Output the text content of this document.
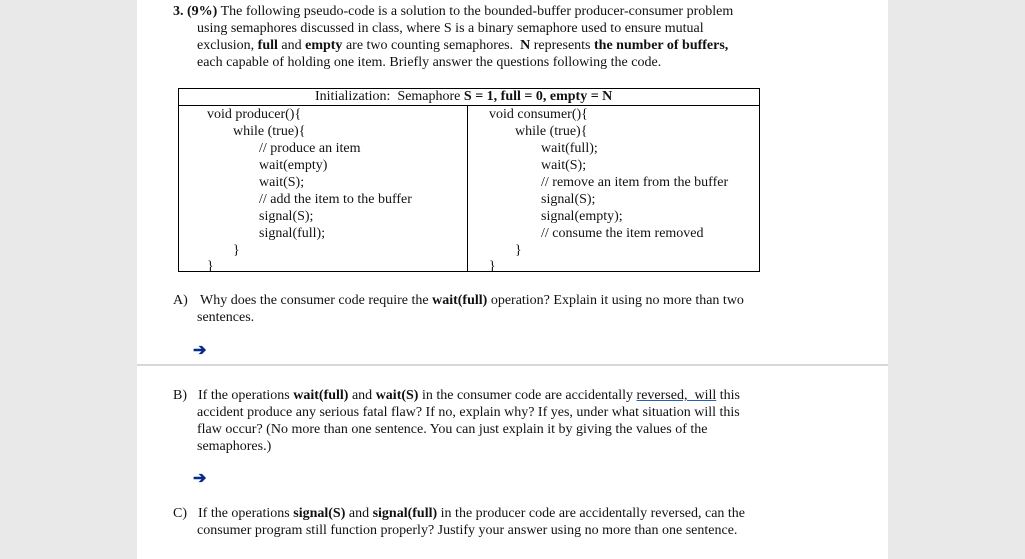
3. (9%) The following pseudo-code is a solution to the bounded-buffer producer-consumer problem
using semaphores discussed in class, where S is a binary semaphore used to ensure mutual
exclusion, full and empty are two counting semaphores.  N represents the number of buffers,
each capable of holding one item. Briefly answer the questions following the code.
Initialization:  Semaphore S = 1, full = 0, empty = N
void producer(){
while (true){
// produce an item
wait(empty)
wait(S);
// add the item to the buffer
signal(S);
signal(full);
}
}
void consumer(){
while (true){
wait(full);
wait(S);
// remove an item from the buffer
signal(S);
signal(empty);
// consume the item removed
}
}
A) Why does the consumer code require the wait(full) operation? Explain it using no more than two
sentences.
➔
B) If the operations wait(full) and wait(S) in the consumer code are accidentally reversed,  will this
accident produce any serious fatal flaw? If no, explain why? If yes, under what situation will this
flaw occur? (No more than one sentence. You can just explain it by giving the values of the
semaphores.)
➔
C) If the operations signal(S) and signal(full) in the producer code are accidentally reversed, can the
consumer program still function properly? Justify your answer using no more than one sentence.
